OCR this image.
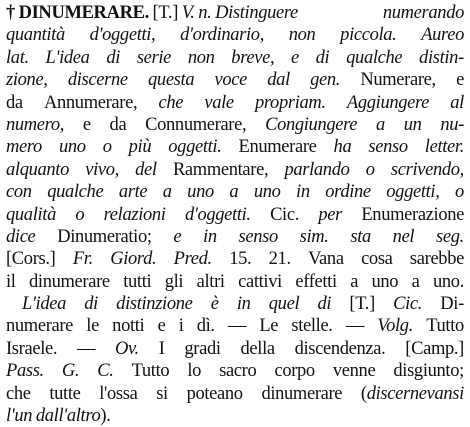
† DINUMERARE. [T.] V. n. Distinguere	numerando
quantità d'oggetti, d'ordinario, non piccola. Aureo
lat. L'idea di serie non breve, e di qualche distin-
zione, discerne questa voce dal gen. Numerare, e
da Annumerare, che vale propriam. Aggiungere al
numero, e da Connumerare, Congiungere a un nu-
mero uno o più oggetti. Enumerare ha senso letter.
alquanto vivo, del Rammentare, parlando o scrivendo,
con qualche arte a uno a uno in ordine oggetti, o
qualità o relazioni d'oggetti. Cic. per Enumerazione
dice Dinumeratio; e in senso sim. sta nel seg.
[Cors.] Fr. Giord. Pred. 15. 21. Vana cosa sarebbe
il dinumerare tutti gli altri cattivi effetti a uno a uno.
L'idea di distinzione è in quel di [T.] Cic. Di-
numerare le notti e i dì. — Le stelle. — Volg. Tutto
Israele. — Ov. I gradi della discendenza. [Camp.]
Pass. G. C. Tutto lo sacro corpo venne disgiunto;
che tutte l'ossa si poteano dinumerare (discernevansi
l'un dall'altro).
